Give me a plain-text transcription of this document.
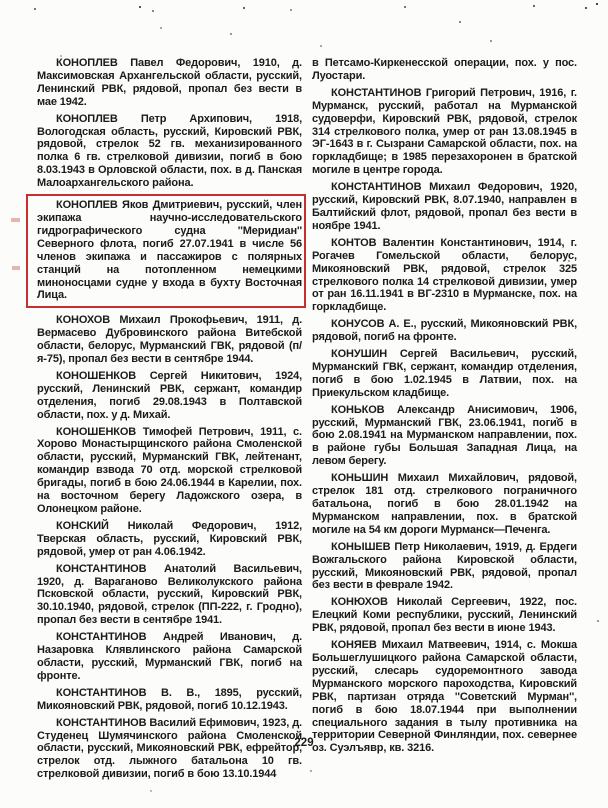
КОНОПЛЕВ Павел Федорович, 1910, д. Максимовская Архангельской области, русский, Ленинский РВК, рядовой, пропал без вести в мае 1942.

КОНОПЛЕВ Петр Архипович, 1918, Вологодская область, русский, Кировский РВК, рядовой, стрелок 52 гв. механизированного полка 6 гв. стрелковой дивизии, погиб в бою 8.03.1943 в Орловской области, пох. в д. Панская Малоархангельского района.

КОНОПЛЕВ Яков Дмитриевич, русский, член экипажа научно-исследовательского гидрографического судна ''Меридиан'' Северного флота, погиб 27.07.1941 в числе 56 членов экипажа и пассажиров с полярных станций на потопленном немецкими миноносцами судне у входа в бухту Восточная Лица.

КОНОХОВ Михаил Прокофьевич, 1911, д. Вермасево Дубровинского района Витебской области, белорус, Мурманский ГВК, рядовой (п/я-75), пропал без вести в сентябре 1944.

КОНОШЕНКОВ Сергей Никитович, 1924, русский, Ленинский РВК, сержант, командир отделения, погиб 29.08.1943 в Полтавской области, пох. у д. Михай.

КОНОШЕНКОВ Тимофей Петрович, 1911, с. Хорово Монастырщинского района Смоленской области, русский, Мурманский ГВК, лейтенант, командир взвода 70 отд. морской стрелковой бригады, погиб в бою 24.06.1944 в Карелии, пох. на восточном берегу Ладожского озера, в Олонецком районе.

КОНСКИЙ Николай Федорович, 1912, Тверская область, русский, Кировский РВК, рядовой, умер от ран 4.06.1942.

КОНСТАНТИНОВ Анатолий Васильевич, 1920, д. Вараганово Великолукского района Псковской области, русский, Кировский РВК, 30.10.1940, рядовой, стрелок (ПП-222, г. Гродно), пропал без вести в сентябре 1941.

КОНСТАНТИНОВ Андрей Иванович, д. Назаровка Клявлинского района Самарской области, русский, Мурманский ГВК, погиб на фронте.

КОНСТАНТИНОВ В. В., 1895, русский, Микояновский РВК, рядовой, погиб 10.12.1943.

КОНСТАНТИНОВ Василий Ефимович, 1923, д. Студенец Шумячинского района Смоленской области, русский, Микояновский РВК, ефрейтор, стрелок отд. лыжного батальона 10 гв. стрелковой дивизии, погиб в бою 13.10.1944

в Петсамо-Киркенесской операции, пох. у пос. Луостари.

КОНСТАНТИНОВ Григорий Петрович, 1916, г. Мурманск, русский, работал на Мурманской судоверфи, Кировский РВК, рядовой, стрелок 314 стрелкового полка, умер от ран 13.08.1945 в ЭГ-1643 в г. Сызрани Самарской области, пох. на горкладбище; в 1985 перезахоронен в братской могиле в центре города.

КОНСТАНТИНОВ Михаил Федорович, 1920, русский, Кировский РВК, 8.07.1940, направлен в Балтийский флот, рядовой, пропал без вести в ноябре 1941.

КОНТОВ Валентин Константинович, 1914, г. Рогачев Гомельской области, белорус, Микояновский РВК, рядовой, стрелок 325 стрелкового полка 14 стрелковой дивизии, умер от ран 16.11.1941 в ВГ-2310 в Мурманске, пох. на горкладбище.

КОНУСОВ А. Е., русский, Микояновский РВК, рядовой, погиб на фронте.

КОНУШИН Сергей Васильевич, русский, Мурманский ГВК, сержант, командир отделения, погиб в бою 1.02.1945 в Латвии, пох. на Приекульском кладбище.

КОНЬКОВ Александр Анисимович, 1906, русский, Мурманский ГВК, 23.06.1941, погиб в бою 2.08.1941 на Мурманском направлении, пох. в районе губы Большая Западная Лица, на левом берегу.

КОНЬШИН Михаил Михайлович, рядовой, стрелок 181 отд. стрелкового пограничного батальона, погиб в бою 28.01.1942 на Мурманском направлении, пох. в братской могиле на 54 км дороги Мурманск—Печенга.

КОНЫШЕВ Петр Николаевич, 1919, д. Ердеги Вожгальского района Кировской области, русский, Микояновский РВК, рядовой, пропал без вести в феврале 1942.

КОНЮХОВ Николай Сергеевич, 1922, пос. Елецкий Коми республики, русский, Ленинский РВК, рядовой, пропал без вести в июне 1943.

КОНЯЕВ Михаил Матвеевич, 1914, с. Мокша Большеглушицкого района Самарской области, русский, слесарь судоремонтного завода Мурманского морского пароходства, Кировский РВК, партизан отряда ''Советский Мурман'', погиб в бою 18.07.1944 при выполнении специального задания в тылу противника на территории Северной Финляндии, пох. севернее оз. Суэлъявр, кв. 3216.

229
